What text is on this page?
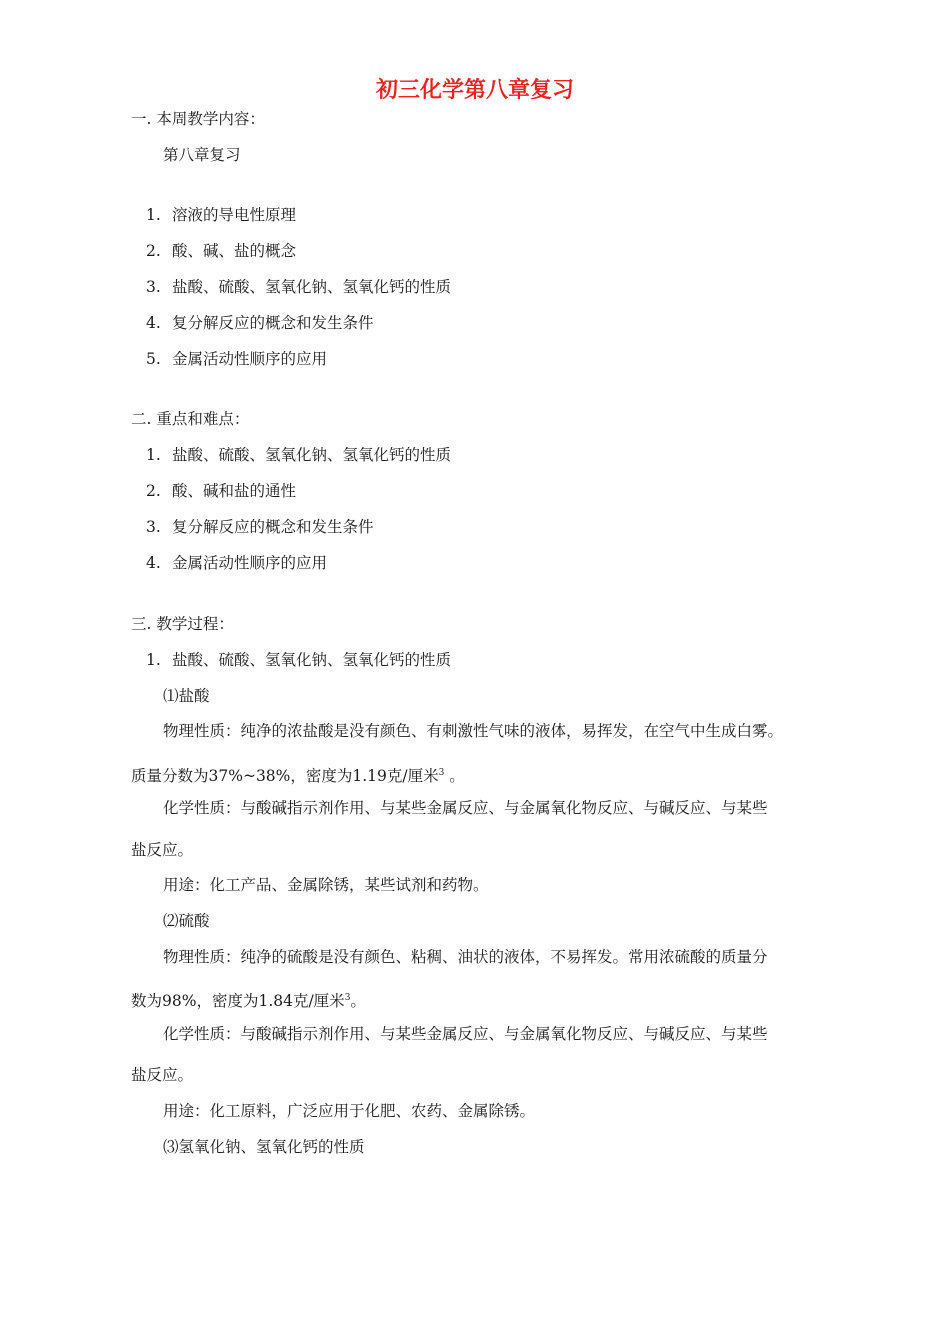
初三化学第八章复习
一. 本周教学内容：
第八章复习
1. 溶液的导电性原理
2. 酸、碱、盐的概念
3. 盐酸、硫酸、氢氧化钠、氢氧化钙的性质
4. 复分解反应的概念和发生条件
5. 金属活动性顺序的应用
二. 重点和难点：
1. 盐酸、硫酸、氢氧化钠、氢氧化钙的性质
2. 酸、碱和盐的通性
3. 复分解反应的概念和发生条件
4. 金属活动性顺序的应用
三. 教学过程：
1. 盐酸、硫酸、氢氧化钠、氢氧化钙的性质
⑴盐酸
物理性质：纯净的浓盐酸是没有颜色、有刺激性气味的液体，易挥发，在空气中生成白雾。
质量分数为37%~38%，密度为1.19克/厘米$^3$ 。
化学性质：与酸碱指示剂作用、与某些金属反应、与金属氧化物反应、与碱反应、与某些
盐反应。
用途：化工产品、金属除锈，某些试剂和药物。
⑵硫酸
物理性质：纯净的硫酸是没有颜色、粘稠、油状的液体，不易挥发。常用浓硫酸的质量分
数为98%，密度为1.84克/厘米$^3$。
化学性质：与酸碱指示剂作用、与某些金属反应、与金属氧化物反应、与碱反应、与某些
盐反应。
用途：化工原料，广泛应用于化肥、农药、金属除锈。
⑶氢氧化钠、氢氧化钙的性质
